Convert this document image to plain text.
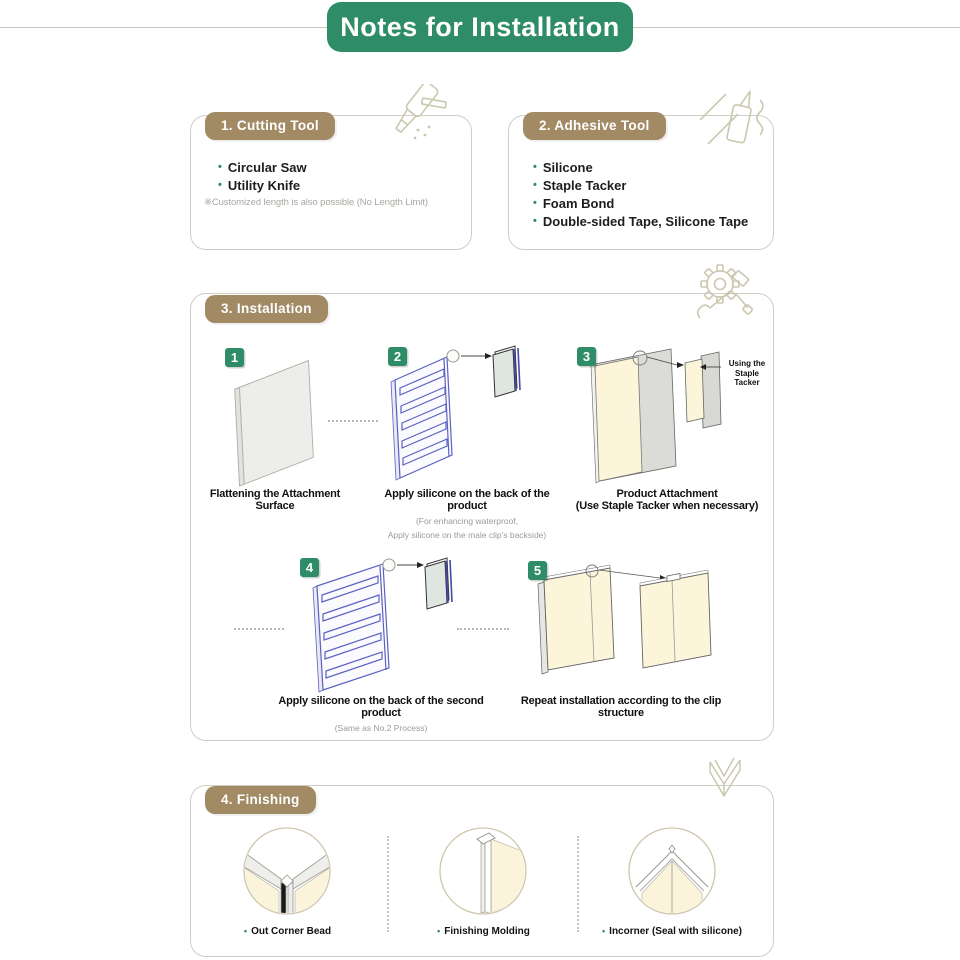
Notes for Installation
1. Cutting Tool
•
Circular Saw
•
Utility Knife
※Customized length is also possible (No Length Limit)
2. Adhesive Tool
•
Silicone
•
Staple Tacker
•
Foam Bond
•
Double-sided Tape, Silicone Tape
3. Installation
1	2	3
4	5
Using the
Staple Tacker
Flattening the Attachment Surface
Apply silicone on the back of the product
(For enhancing waterproof,
Apply silicone on the male clip's backside)
Product Attachment
(Use Staple Tacker when necessary)
Apply silicone on the back of the second product
(Same as No.2 Process)
Repeat installation according to the clip structure
4. Finishing
• Out Corner Bead •	Finishing Molding •	Incorner (Seal with silicone)
